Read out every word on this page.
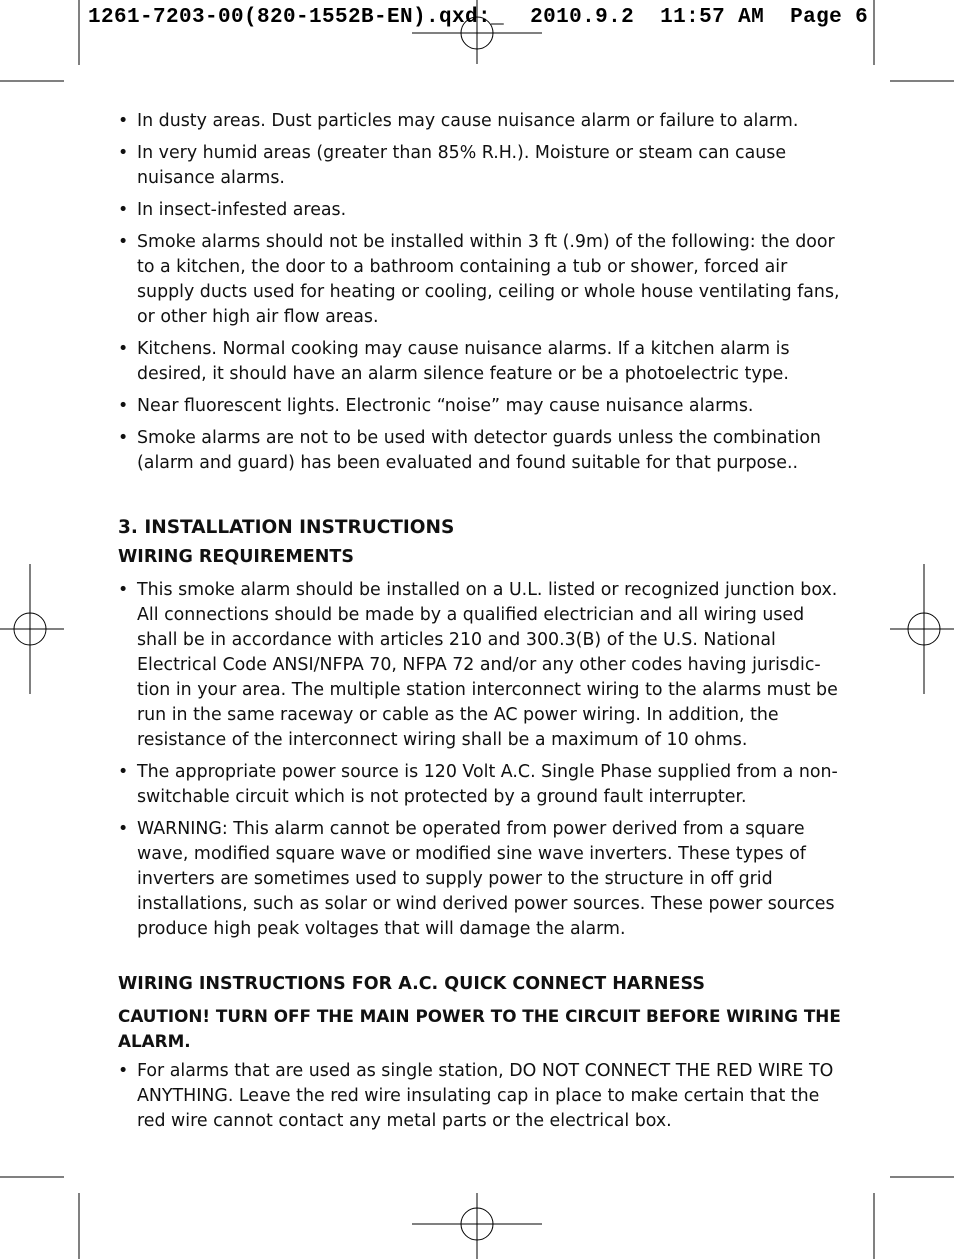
1261-7203-00(820-1552B-EN).qxd:_  2010.9.2  11:57 AM  Page 6
• In dusty areas. Dust particles may cause nuisance alarm or failure to alarm.
• In very humid areas (greater than 85% R.H.). Moisture or steam can cause nuisance alarms.
• In insect-infested areas.
• Smoke alarms should not be installed within 3 ft (.9m) of the following: the door to a kitchen, the door to a bathroom containing a tub or shower, forced air supply ducts used for heating or cooling, ceiling or whole house ventilating fans, or other high air flow areas.
• Kitchens. Normal cooking may cause nuisance alarms. If a kitchen alarm is desired, it should have an alarm silence feature or be a photoelectric type.
• Near fluorescent lights. Electronic “noise” may cause nuisance alarms.
• Smoke alarms are not to be used with detector guards unless the combination (alarm and guard) has been evaluated and found suitable for that purpose..
3. INSTALLATION INSTRUCTIONS
WIRING REQUIREMENTS
• This smoke alarm should be installed on a U.L. listed or recognized junction box. All connections should be made by a qualified electrician and all wiring used shall be in accordance with articles 210 and 300.3(B) of the U.S. National Electrical Code ANSI/NFPA 70, NFPA 72 and/or any other codes having jurisdic-tion in your area. The multiple station interconnect wiring to the alarms must be run in the same raceway or cable as the AC power wiring. In addition, the resistance of the interconnect wiring shall be a maximum of 10 ohms.
• The appropriate power source is 120 Volt A.C. Single Phase supplied from a non-switchable circuit which is not protected by a ground fault interrupter.
• WARNING: This alarm cannot be operated from power derived from a square wave, modified square wave or modified sine wave inverters. These types of inverters are sometimes used to supply power to the structure in off grid installations, such as solar or wind derived power sources. These power sources produce high peak voltages that will damage the alarm.
WIRING INSTRUCTIONS FOR A.C. QUICK CONNECT HARNESS

CAUTION! TURN OFF THE MAIN POWER TO THE CIRCUIT BEFORE WIRING THE ALARM.

• For alarms that are used as single station, DO NOT CONNECT THE RED WIRE TO ANYTHING. Leave the red wire insulating cap in place to make certain that the red wire cannot contact any metal parts or the electrical box.
